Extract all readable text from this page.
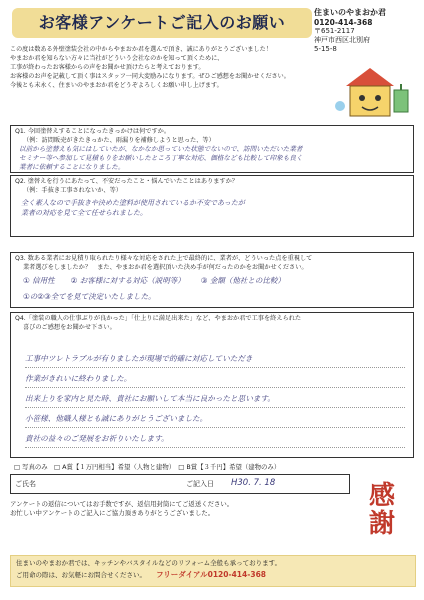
お客様アンケートご記入のお願い
住まいのやまおか君
0120-414-368
〒651-2117
神戸市西区北別府
5-15-8
この度は数ある外壁塗装会社の中からやまおか君を選んで頂き、誠にありがとうございました！
やまおか君を知らない方々に当社がどういう会社なのかを知って頂くために、
工事が終わったお客様からの声をお聞かせ頂けたらと考えております。
お客様のお声を記載して頂く事はスタッフ一同大変励みになります。ぜひご感想をお聞かせください。
今後とも末永く、住まいのやまおか君をどうぞよろしくお願い申し上げます。
Q1. 今回塗替えすることになったきっかけは何ですか。
（例：訪問販売がきたきっかた、雨漏りを補修しようと思った、等）
以前から塗替えも気にはしていたが、なかなか思っていた状態でないので、訪問いただいた業者
セミナー等へ参加して見積もりをお願いしたところ丁寧な対応、価格なども比較して印象も良く
業者に依頼することになりました。
Q2. 塗替えを行うにあたって、不安だったこと・悩んでいたことはありますか？
（例：手抜き工事されないか、等）
全く素人なので手抜きや決めた塗料が使用されているか不安であったが
業者の対応を見て全て任せられました。
Q3. 数ある業者にお見積り取られたり様々な対応をされた上で最終的に、業者が、どういった点を重視して
業者選びをしましたか？　また、やまおか君を選択頂いた決め手が何だったのかをお聞かせください。
① 信用性 ② お客様に対する対応（説明等） ③ 金額（他社との比較）
①の②③全てを見て決定いたしました。
Q4.「塗装の職人の仕事ぶりが良かった」「仕上りに満足出来た」など、やまおか君で工事を終えられた
喜びのご感想をお聞かせ下さい。
工事中ツレトラブルが有りましたが現場で的確に対応していただき
作業がきれいに終わりました。
出来上りを家内と見た時、貴社にお願いして本当に良かったと思います。
小笹様、他職人様とも誠にありがとうございました。
貴社の益々のご発展をお祈りいたします。
□ 写真のみ　□ A賞【１万円相当】希望（人物と建物）　□ B賞【３千円】希望（建物のみ）
ご氏名	ご記入日 H30. 7. 18
アンケートの返信についてはお手数ですが、返信用封筒にてご返送ください。
お忙しい中アンケートのご記入にご協力頂きありがとうございました。
感
謝
住まいのやまおか君では、キッチンやバスタイルなどのリフォーム全般も承っております。
ご用命の際は、お気軽にお問合せください。 フリーダイアル0120-414-368
